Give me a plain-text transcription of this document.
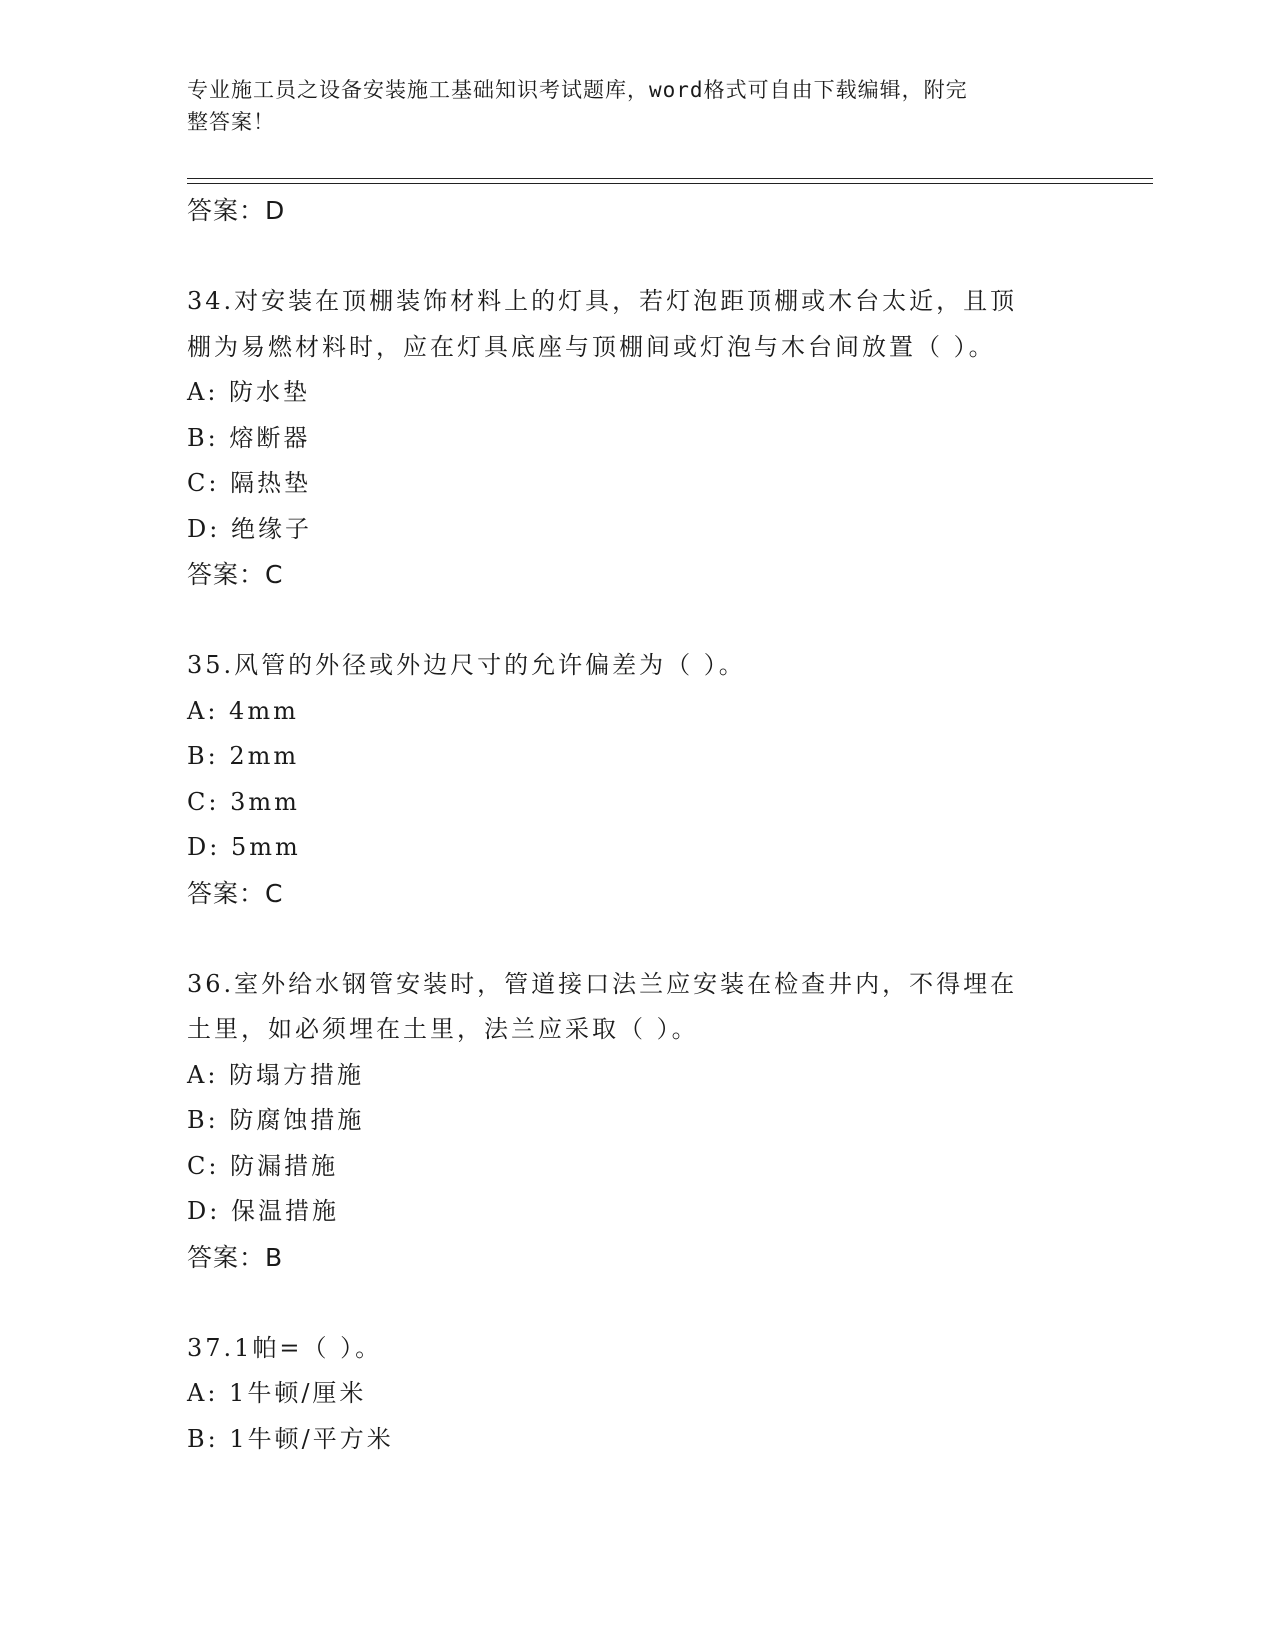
专业施工员之设备安装施工基础知识考试题库，word格式可自由下载编辑，附完
整答案！
答案：D
34.对安装在顶棚装饰材料上的灯具，若灯泡距顶棚或木台太近，且顶
棚为易燃材料时，应在灯具底座与顶棚间或灯泡与木台间放置（ ）。
A: 防水垫
B: 熔断器
C: 隔热垫
D: 绝缘子
答案：C
35.风管的外径或外边尺寸的允许偏差为（ ）。
A: 4mm
B: 2mm
C: 3mm
D: 5mm
答案：C
36.室外给水钢管安装时，管道接口法兰应安装在检查井内，不得埋在
土里，如必须埋在土里，法兰应采取（ ）。
A: 防塌方措施
B: 防腐蚀措施
C: 防漏措施
D: 保温措施
答案：B
37.1帕=（ ）。
A: 1牛顿/厘米
B: 1牛顿/平方米
